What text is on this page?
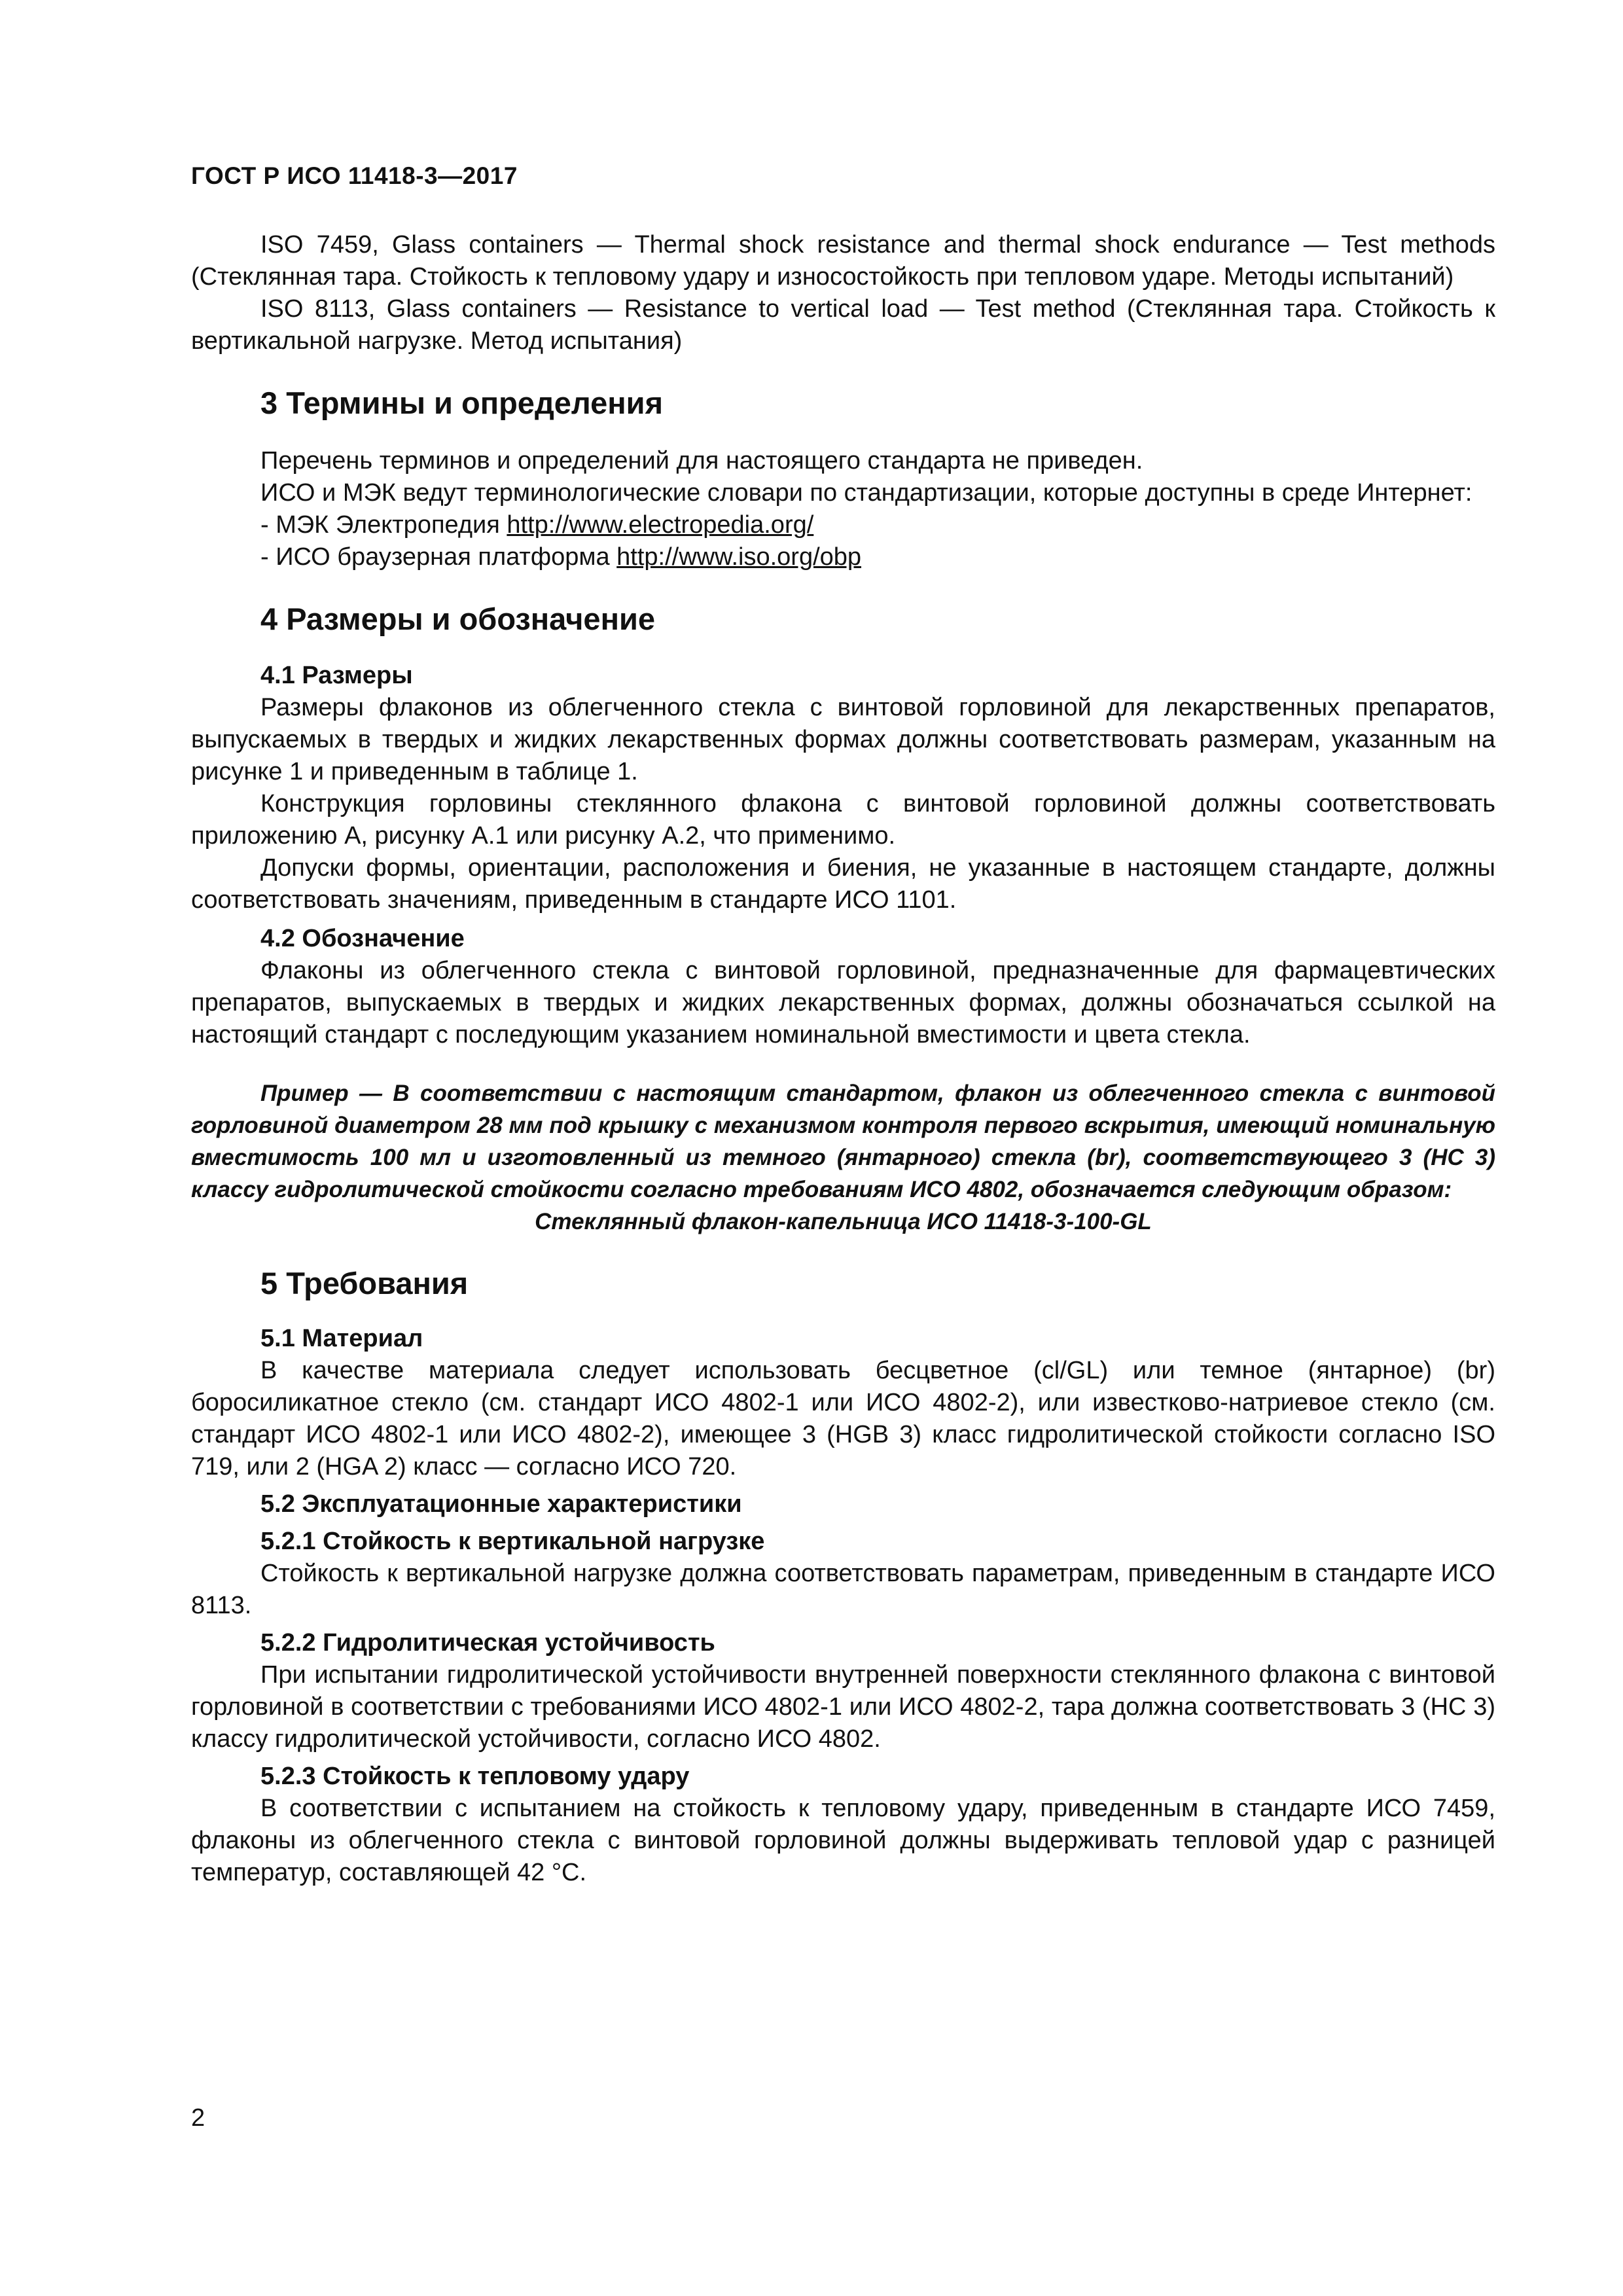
ГОСТ Р ИСО 11418-3—2017

ISO 7459, Glass containers — Thermal shock resistance and thermal shock endurance — Test methods (Стеклянная тара. Стойкость к тепловому удару и износостойкость при тепловом ударе. Методы испытаний)

ISO 8113, Glass containers — Resistance to vertical load — Test method (Стеклянная тара. Стойкость к вертикальной нагрузке. Метод испытания)

3 Термины и определения

Перечень терминов и определений для настоящего стандарта не приведен.

ИСО и МЭК ведут терминологические словари по стандартизации, которые доступны в среде Интернет:

- МЭК Электропедия http://www.electropedia.org/

- ИСО браузерная платформа http://www.iso.org/obp

4 Размеры и обозначение

4.1 Размеры

Размеры флаконов из облегченного стекла с винтовой горловиной для лекарственных препаратов, выпускаемых в твердых и жидких лекарственных формах должны соответствовать размерам, указанным на рисунке 1 и приведенным в таблице 1.

Конструкция горловины стеклянного флакона с винтовой горловиной должны соответствовать приложению А, рисунку А.1 или рисунку А.2, что применимо.

Допуски формы, ориентации, расположения и биения, не указанные в настоящем стандарте, должны соответствовать значениям, приведенным в стандарте ИСО 1101.

4.2 Обозначение

Флаконы из облегченного стекла с винтовой горловиной, предназначенные для фармацевтических препаратов, выпускаемых в твердых и жидких лекарственных формах, должны обозначаться ссылкой на настоящий стандарт с последующим указанием номинальной вместимости и цвета стекла.

Пример — В соответствии с настоящим стандартом, флакон из облегченного стекла с винтовой горловиной диаметром 28 мм под крышку с механизмом контроля первого вскрытия, имеющий номинальную вместимость 100 мл и изготовленный из темного (янтарного) стекла (br), соответствующего 3 (HC 3) классу гидролитической стойкости согласно требованиям ИСО 4802, обозначается следующим образом:

Стеклянный флакон-капельница ИСО 11418-3-100-GL

5 Требования

5.1 Материал

В качестве материала следует использовать бесцветное (cl/GL) или темное (янтарное) (br) боросиликатное стекло (см. стандарт ИСО 4802-1 или ИСО 4802-2), или известково-натриевое стекло (см. стандарт ИСО 4802-1 или ИСО 4802-2), имеющее 3 (HGB 3) класс гидролитической стойкости согласно ISO 719, или 2 (HGA 2) класс — согласно ИСО 720.

5.2 Эксплуатационные характеристики

5.2.1 Стойкость к вертикальной нагрузке

Стойкость к вертикальной нагрузке должна соответствовать параметрам, приведенным в стандарте ИСО 8113.

5.2.2 Гидролитическая устойчивость

При испытании гидролитической устойчивости внутренней поверхности стеклянного флакона с винтовой горловиной в соответствии с требованиями ИСО 4802-1 или ИСО 4802-2, тара должна соответствовать 3 (HC 3) классу гидролитической устойчивости, согласно ИСО 4802.

5.2.3 Стойкость к тепловому удару

В соответствии с испытанием на стойкость к тепловому удару, приведенным в стандарте ИСО 7459, флаконы из облегченного стекла с винтовой горловиной должны выдерживать тепловой удар с разницей температур, составляющей 42 °С.

2
